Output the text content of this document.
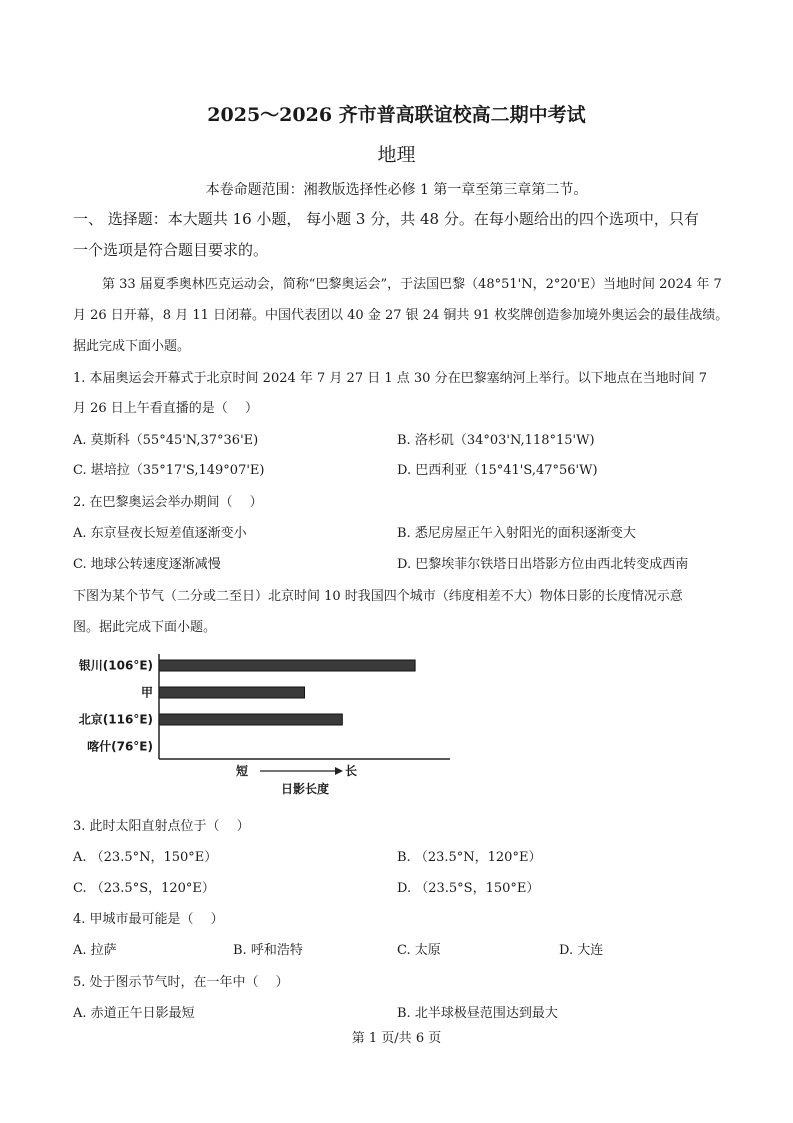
2025～2026 齐市普高联谊校高二期中考试
地理
本卷命题范围：湘教版选择性必修 1 第一章至第三章第二节。
一、 选择题：本大题共 16 小题， 每小题 3 分，共 48 分。在每小题给出的四个选项中，只有
一个选项是符合题目要求的。
第 33 届夏季奥林匹克运动会，简称“巴黎奥运会”，于法国巴黎（48°51'N，2°20'E）当地时间 2024 年 7
月 26 日开幕，8 月 11 日闭幕。中国代表团以 40 金 27 银 24 铜共 91 枚奖牌创造参加境外奥运会的最佳战绩。
据此完成下面小题。
1. 本届奥运会开幕式于北京时间 2024 年 7 月 27 日 1 点 30 分在巴黎塞纳河上举行。以下地点在当地时间 7
月 26 日上午看直播的是（　 ）
A. 莫斯科（55°45'N,37°36'E)	B. 洛杉矶（34°03'N,118°15'W)
C. 堪培拉（35°17'S,149°07'E)	D. 巴西利亚（15°41'S,47°56'W)
2. 在巴黎奥运会举办期间（　 ）
A. 东京昼夜长短差值逐渐变小	B. 悉尼房屋正午入射阳光的面积逐渐变大
C. 地球公转速度逐渐减慢	D. 巴黎埃菲尔铁塔日出塔影方位由西北转变成西南
下图为某个节气（二分或二至日）北京时间 10 时我国四个城市（纬度相差不大）物体日影的长度情况示意
图。据此完成下面小题。
银川(106°E)
甲
北京(116°E)
喀什(76°E)
短	长
日影长度
3. 此时太阳直射点位于（　 ）
A. （23.5°N，150°E）	B. （23.5°N，120°E）
C. （23.5°S，120°E）	D. （23.5°S，150°E）
4. 甲城市最可能是（　 ）
A. 拉萨	B. 呼和浩特	C. 太原	D. 大连
5. 处于图示节气时，在一年中（　 ）
A. 赤道正午日影最短	B. 北半球极昼范围达到最大
第 1 页/共 6 页
